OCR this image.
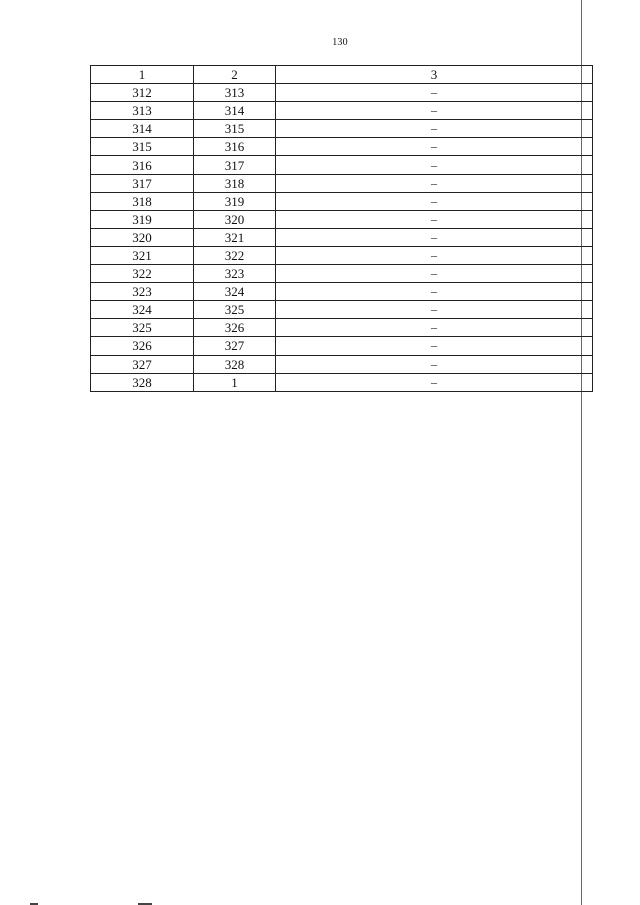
130
1	2	3
312	313	–
313	314	–
314	315	–
315	316	–
316	317	–
317	318	–
318	319	–
319	320	–
320	321	–
321	322	–
322	323	–
323	324	–
324	325	–
325	326	–
326	327	–
327	328	–
328	1	–
